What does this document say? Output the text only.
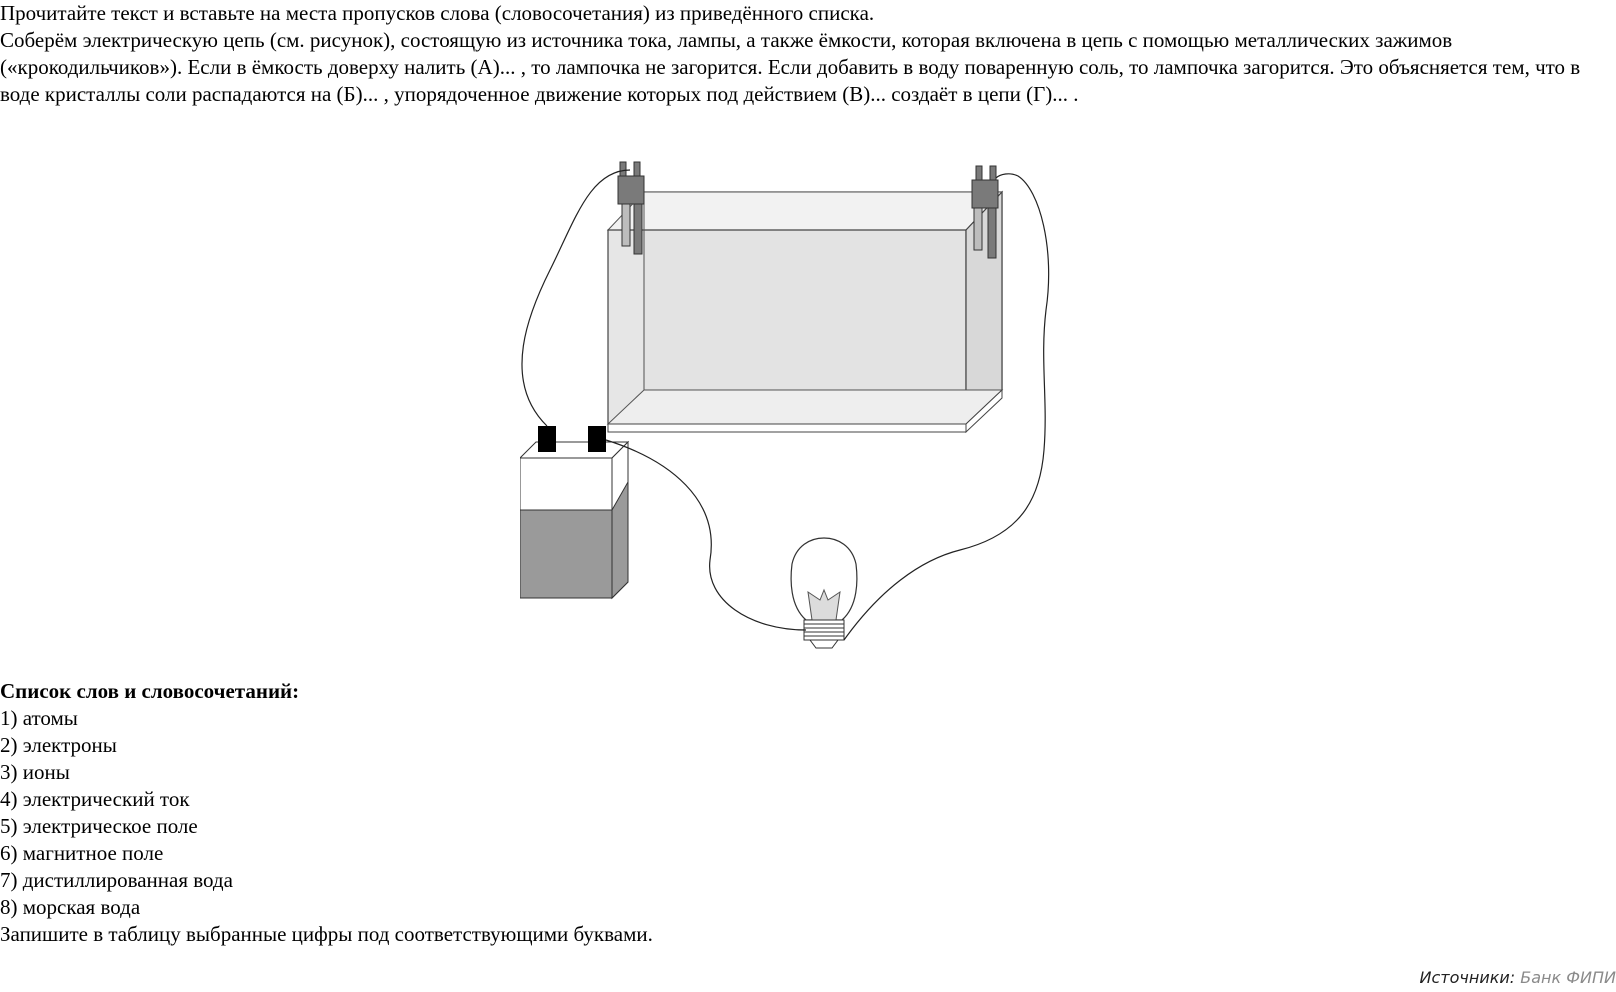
Прочитайте текст и вставьте на места пропусков слова (словосочетания) из приведённого списка.

Соберём электрическую цепь (см. рисунок), состоящую из источника тока, лампы, а также ёмкости, которая включена в цепь с помощью металлических зажимов («крокодильчиков»). Если в ёмкость доверху налить (А)... , то лампочка не загорится. Если добавить в воду поваренную соль, то лампочка загорится. Это объясняется тем, что в воде кристаллы соли распадаются на (Б)... , упорядоченное движение которых под действием (В)... создаёт в цепи (Г)... .

Список слов и словосочетаний:

1) атомы
2) электроны
3) ионы
4) электрический ток
5) электрическое поле
6) магнитное поле
7) дистиллированная вода
8) морская вода

Запишите в таблицу выбранные цифры под соответствующими буквами.

Источники: Банк ФИПИ
